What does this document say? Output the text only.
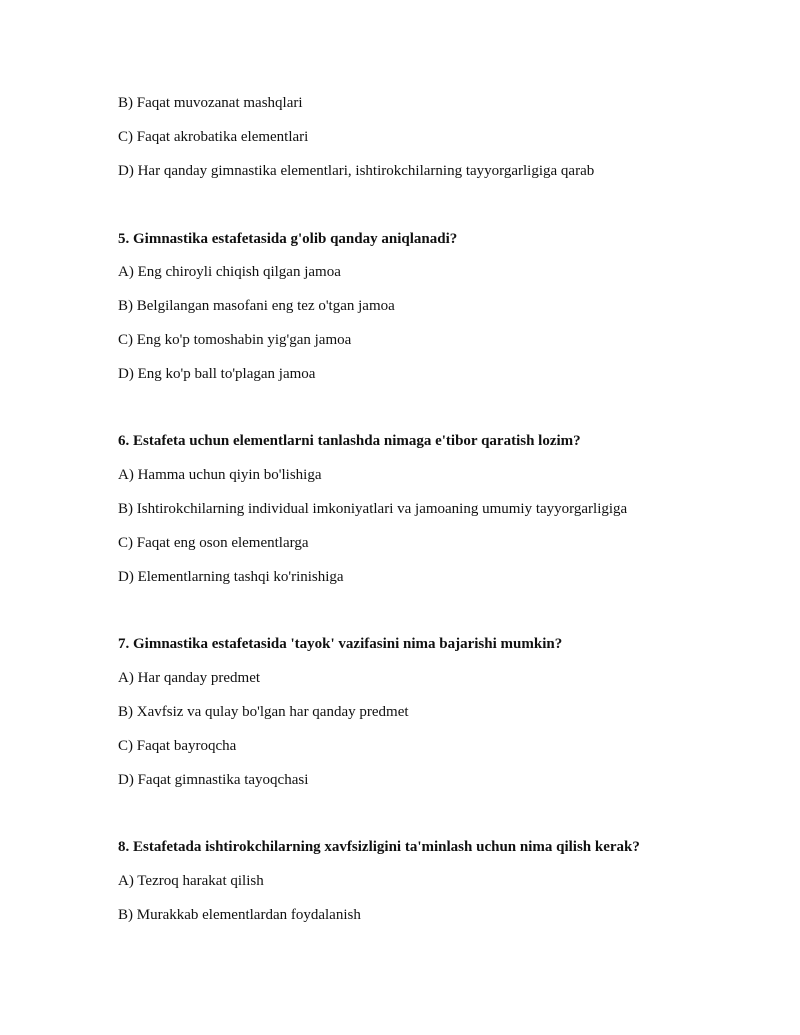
B) Faqat muvozanat mashqlari
C) Faqat akrobatika elementlari
D) Har qanday gimnastika elementlari, ishtirokchilarning tayyorgarligiga qarab
5. Gimnastika estafetasida g'olib qanday aniqlanadi?
A) Eng chiroyli chiqish qilgan jamoa
B) Belgilangan masofani eng tez o'tgan jamoa
C) Eng ko'p tomoshabin yig'gan jamoa
D) Eng ko'p ball to'plagan jamoa
6. Estafeta uchun elementlarni tanlashda nimaga e'tibor qaratish lozim?
A) Hamma uchun qiyin bo'lishiga
B) Ishtirokchilarning individual imkoniyatlari va jamoaning umumiy tayyorgarligiga
C) Faqat eng oson elementlarga
D) Elementlarning tashqi ko'rinishiga
7. Gimnastika estafetasida 'tayok' vazifasini nima bajarishi mumkin?
A) Har qanday predmet
B) Xavfsiz va qulay bo'lgan har qanday predmet
C) Faqat bayroqcha
D) Faqat gimnastika tayoqchasi
8. Estafetada ishtirokchilarning xavfsizligini ta'minlash uchun nima qilish kerak?
A) Tezroq harakat qilish
B) Murakkab elementlardan foydalanish
